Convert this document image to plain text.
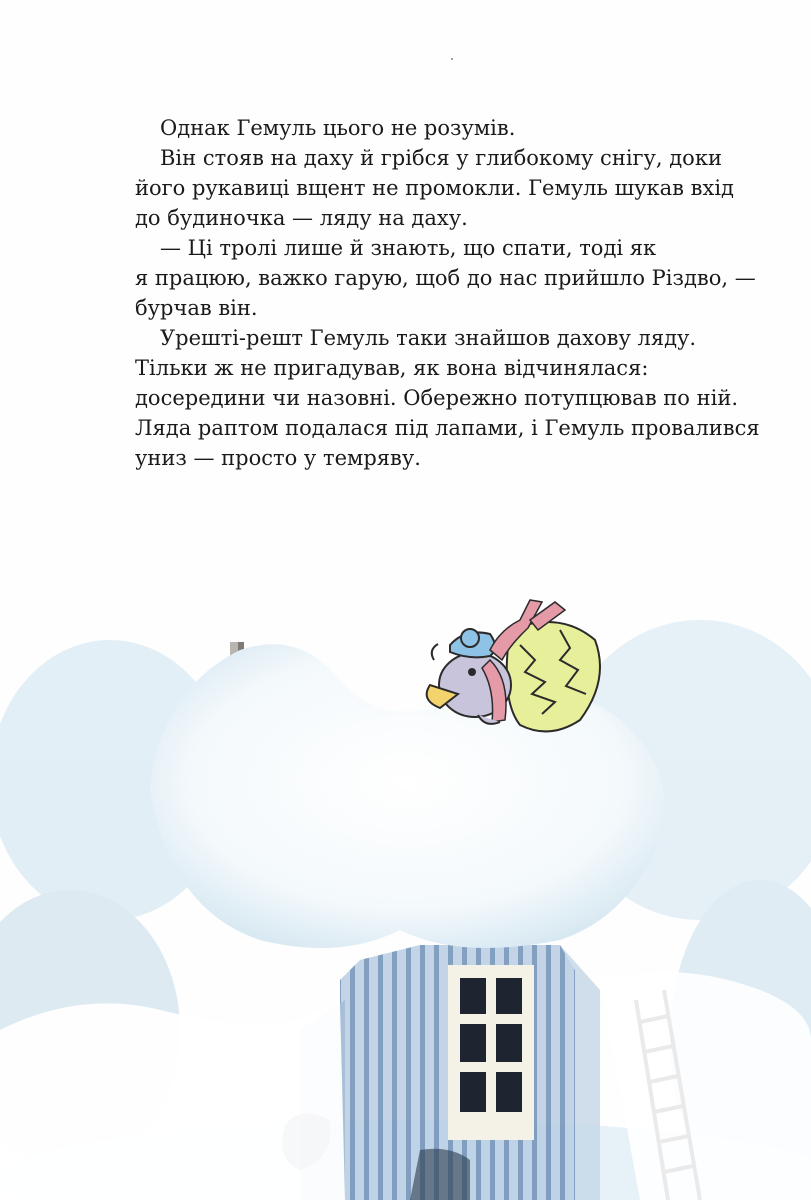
Однак Гемуль цього не розумів.
Він стояв на даху й грібся у глибокому снігу, доки
його рукавиці вщент не промокли. Гемуль шукав вхід
до будиночка — ляду на даху.
— Ці тролі лише й знають, що спати, тоді як
я працюю, важко гарую, щоб до нас прийшло Різдво, —
бурчав він.
Урешті-решт Гемуль таки знайшов дахову ляду.
Тільки ж не пригадував, як вона відчинялася:
досередини чи назовні. Обережно потупцював по ній.
Ляда раптом подалася під лапами, і Гемуль провалився
униз — просто у темряву.
